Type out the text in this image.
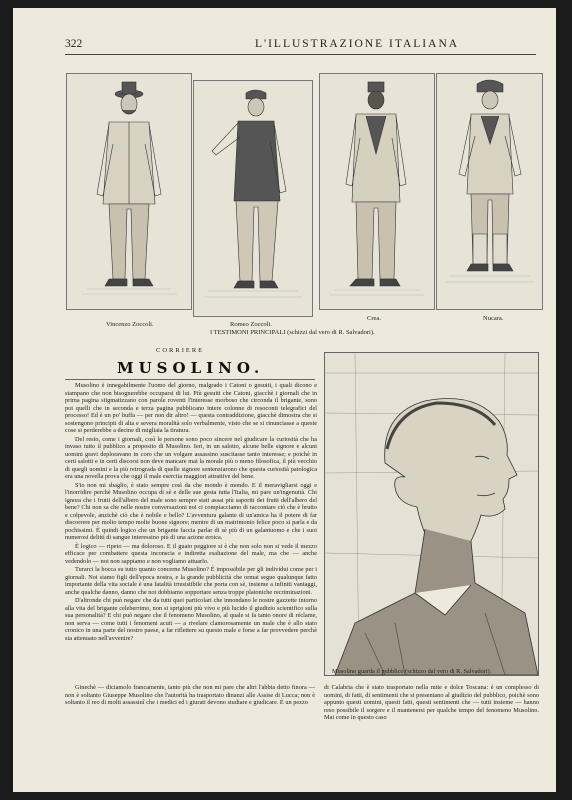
322	L'ILLUSTRAZIONE ITALIANA
Vincenzo Zoccoli.	Romeo Zoccoli.
Crea.	Nucara.
I TESTIMONI PRINCIPALI (schizzi dal vero di R. Salvadori).
CORRIERE
MUSOLINO.

Musolino è innegabilmente l'uomo del giorno, malgrado i Catoni o gesuiti, i quali dicono e stampano che non bisognerebbe occuparsi di lui. Più gesuiti che Catoni, giacchè i giornali che in prima pagina stigmatizzano con parole roventi l'interesse morboso che circonda il brigante, sono poi quelli che in seconda e terza pagina pubblicano intere colonne di resoconti telegrafici del processo! Ed è un po' buffa — per non dir altro! — questa contraddizione, giacchè dimostra che si sostengono principii di alta e severa moralità solo verbalmente, visto che se si rinunciasse a queste cose si perderebbe a decine di migliaia la tiratura.

Del resto, come i giornali, così le persone sono poco sincere nel giudicare la curiosità che ha invaso tutto il pubblico a proposito di Musolino. Ieri, in un salotto, alcune belle signore e alcuni uomini gravi deploravano in coro che un volgare assassino suscitasse tanto interesse; e poichè in certi salotti e in certi discorsi non deve mancare mai la morale più o meno filosofica, il più vecchio di quegli uomini e la più retrograda di quelle signore sentenziarono che questa curiosità patologica era una novella prova che oggi il male esercita maggiori attrattive del bene.

S'io non mi sbaglio, è stato sempre così da che mondo è mondo. E il meravigliarsi oggi e l'inorridire perchè Musolino occupa di sè e delle sue gesta tutta l'Italia, mi pare un'ingenuità. Chi ignora che i frutti dell'albero del male sono sempre stati assai più saporiti dei frutti dell'albero del bene? Chi non sa che nelle nostre conversazioni noi ci compiacciamo di raccontare ciò che è brutto e colpevole, anzichè ciò che è nobile e bello? L'avventura galante di un'amica ha il potere di far discorrere per molto tempo molte buone signore; mentre di un matrimonio felice poco si parla e da pochissimi. È quindi logico che un brigante faccia parlar di sè più di un galantuomo e che i suoi numerosi delitti di sangue interessino più di una azione eroica.

È logico — ripeto — ma doloroso. E il guaio peggiore si è che non solo non si vede il mezzo efficace per combattere questa inconscia e indiretta esaltazione del male, ma che — anche vedendolo — noi non sappiamo e non vogliamo attuarlo.

Turarci la bocca su tutto quanto concerne Musolino? È impossibile per gli individui come per i giornali. Noi siamo figli dell'epoca nostra, e la grande pubblicità che ormai segue qualunque fatto importante della vita sociale è una fatalità irresistibile che porta con sè, insieme a infiniti vantaggi, anche qualche danno, danno che noi dobbiamo sopportare senza troppe platoniche recriminazioni.

D'altronde chi può negare che da tutti quei particolari che innondano le nostre gazzette intorno alla vita del brigante celeberrimo, non si sprigioni più vivo e più lucido il giudizio scientifico sulla sua personalità? E chi può negare che il fenomeno Musolino, al quale si fa tanto onore di réclame, non serva — come tutti i fenomeni acuti — a rivelare clamorosamente un male che è allo stato cronico in una parte del nostro paese, a far riflettere su questo male e forse a far provvedere perchè sia attenuato nell'avvenire?

Musolino guarda il pubblico (schizzo dal vero di R. Salvadori).

Ginechè — diciamolo francamente, tanto più che non mi pare che altri l'abbia detto finora — non è soltanto Giuseppe Musolino che l'autorità ha trasportato dinanzi alle Assise di Lucca; non è soltanto il reo di molti assassinî che i medici ed i giurati devono studiare e giudicare. È un pezzo

di Calabria che è stato trasportato nella mite e dolce Toscana: è un complesso di uomini, di fatti, di sentimenti che si presentano al giudizio del pubblico, poichè sono appunto questi uomini, questi fatti, questi sentimenti che — tutti insieme — hanno reso possibile il sorgere e il mantenersi per qualche tempo del fenomeno Musolino. Mai come in questo caso
